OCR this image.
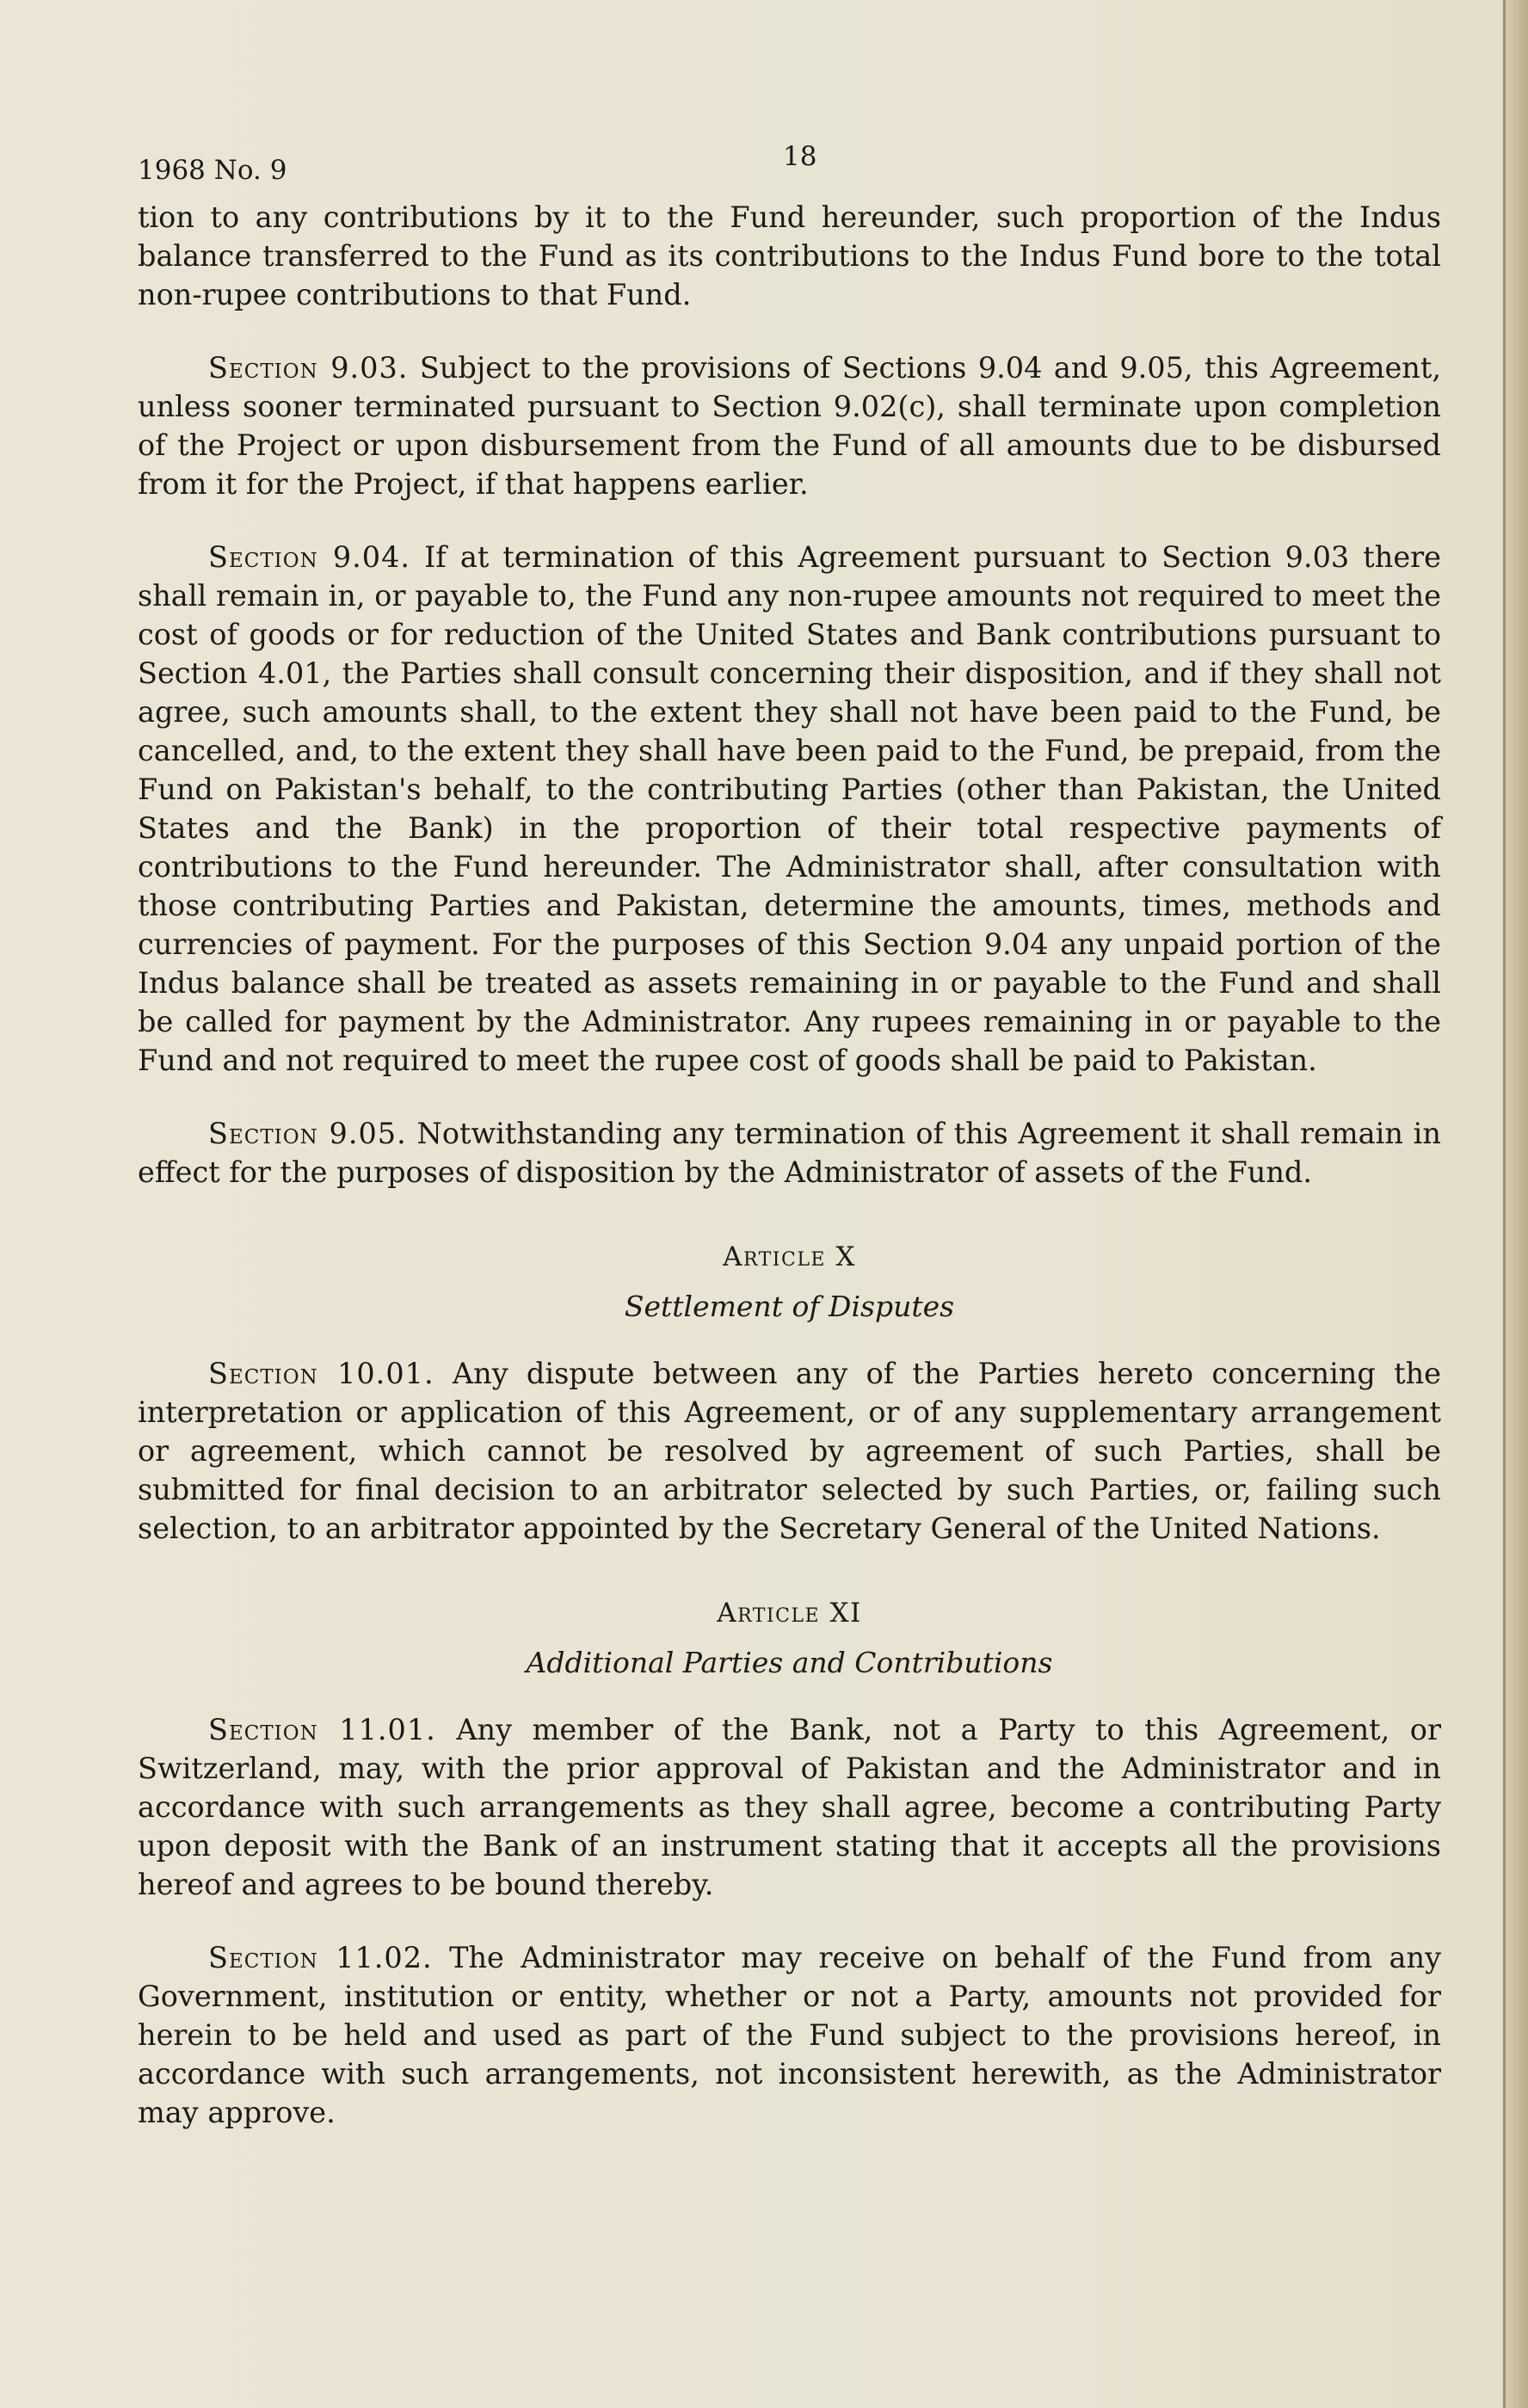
1968 No. 9	18

tion to any contributions by it to the Fund hereunder, such proportion of the Indus balance transferred to the Fund as its contributions to the Indus Fund bore to the total non-rupee contributions to that Fund.

Section 9.03. Subject to the provisions of Sections 9.04 and 9.05, this Agreement, unless sooner terminated pursuant to Section 9.02(c), shall terminate upon completion of the Project or upon disbursement from the Fund of all amounts due to be disbursed from it for the Project, if that happens earlier.

Section 9.04. If at termination of this Agreement pursuant to Section 9.03 there shall remain in, or payable to, the Fund any non-rupee amounts not required to meet the cost of goods or for reduction of the United States and Bank contributions pursuant to Section 4.01, the Parties shall consult concerning their disposition, and if they shall not agree, such amounts shall, to the extent they shall not have been paid to the Fund, be cancelled, and, to the extent they shall have been paid to the Fund, be prepaid, from the Fund on Pakistan's behalf, to the contributing Parties (other than Pakistan, the United States and the Bank) in the proportion of their total respective payments of contributions to the Fund hereunder. The Administrator shall, after consultation with those contributing Parties and Pakistan, determine the amounts, times, methods and currencies of payment. For the purposes of this Section 9.04 any unpaid portion of the Indus balance shall be treated as assets remaining in or payable to the Fund and shall be called for payment by the Administrator. Any rupees remaining in or payable to the Fund and not required to meet the rupee cost of goods shall be paid to Pakistan.

Section 9.05. Notwithstanding any termination of this Agreement it shall remain in effect for the purposes of disposition by the Administrator of assets of the Fund.

Article X
Settlement of Disputes

Section 10.01. Any dispute between any of the Parties hereto concerning the interpretation or application of this Agreement, or of any supplementary arrangement or agreement, which cannot be resolved by agreement of such Parties, shall be submitted for final decision to an arbitrator selected by such Parties, or, failing such selection, to an arbitrator appointed by the Secretary General of the United Nations.

Article XI
Additional Parties and Contributions

Section 11.01. Any member of the Bank, not a Party to this Agreement, or Switzerland, may, with the prior approval of Pakistan and the Administrator and in accordance with such arrangements as they shall agree, become a contributing Party upon deposit with the Bank of an instrument stating that it accepts all the provisions hereof and agrees to be bound thereby.

Section 11.02. The Administrator may receive on behalf of the Fund from any Government, institution or entity, whether or not a Party, amounts not provided for herein to be held and used as part of the Fund subject to the provisions hereof, in accordance with such arrangements, not inconsistent herewith, as the Administrator may approve.
